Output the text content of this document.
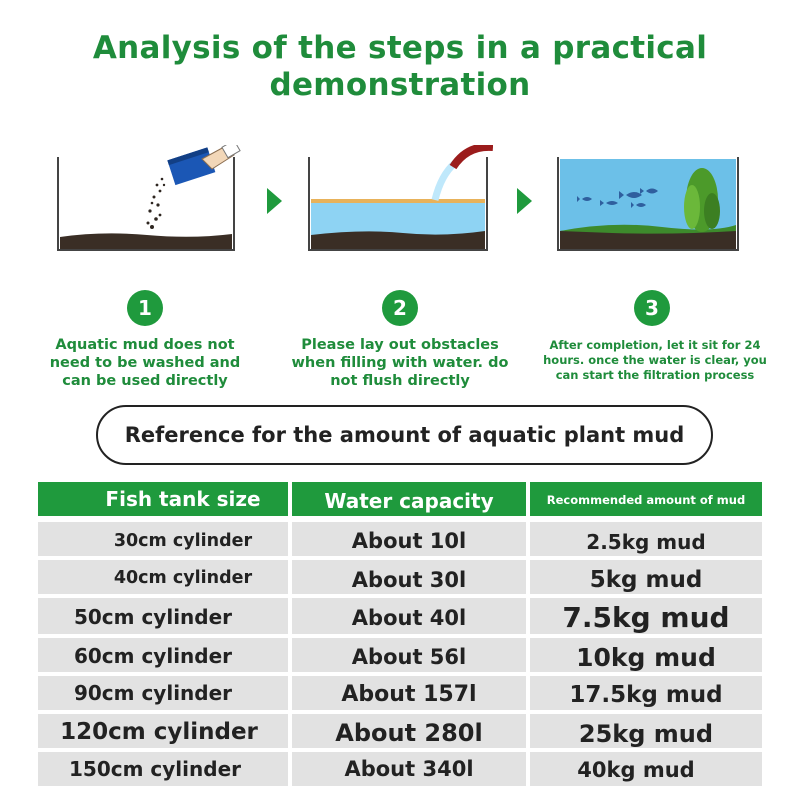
Analysis of the steps in a practical
demonstration
1	2	3
Aquatic mud does not
need to be washed and
can be used directly
Please lay out obstacles
when filling with water. do
not flush directly
After completion, let it sit for 24
hours. once the water is clear, you
can start the filtration process
Reference for the amount of aquatic plant mud
Fish tank size	Water capacity	Recommended amount of mud
30cm cylinder	About 10l	2.5kg mud
40cm cylinder	About 30l	5kg mud
50cm cylinder	About 40l	7.5kg mud
60cm cylinder	About 56l	10kg mud
90cm cylinder	About 157l	17.5kg mud
120cm cylinder	About 280l	25kg mud
150cm cylinder	About 340l	40kg mud
